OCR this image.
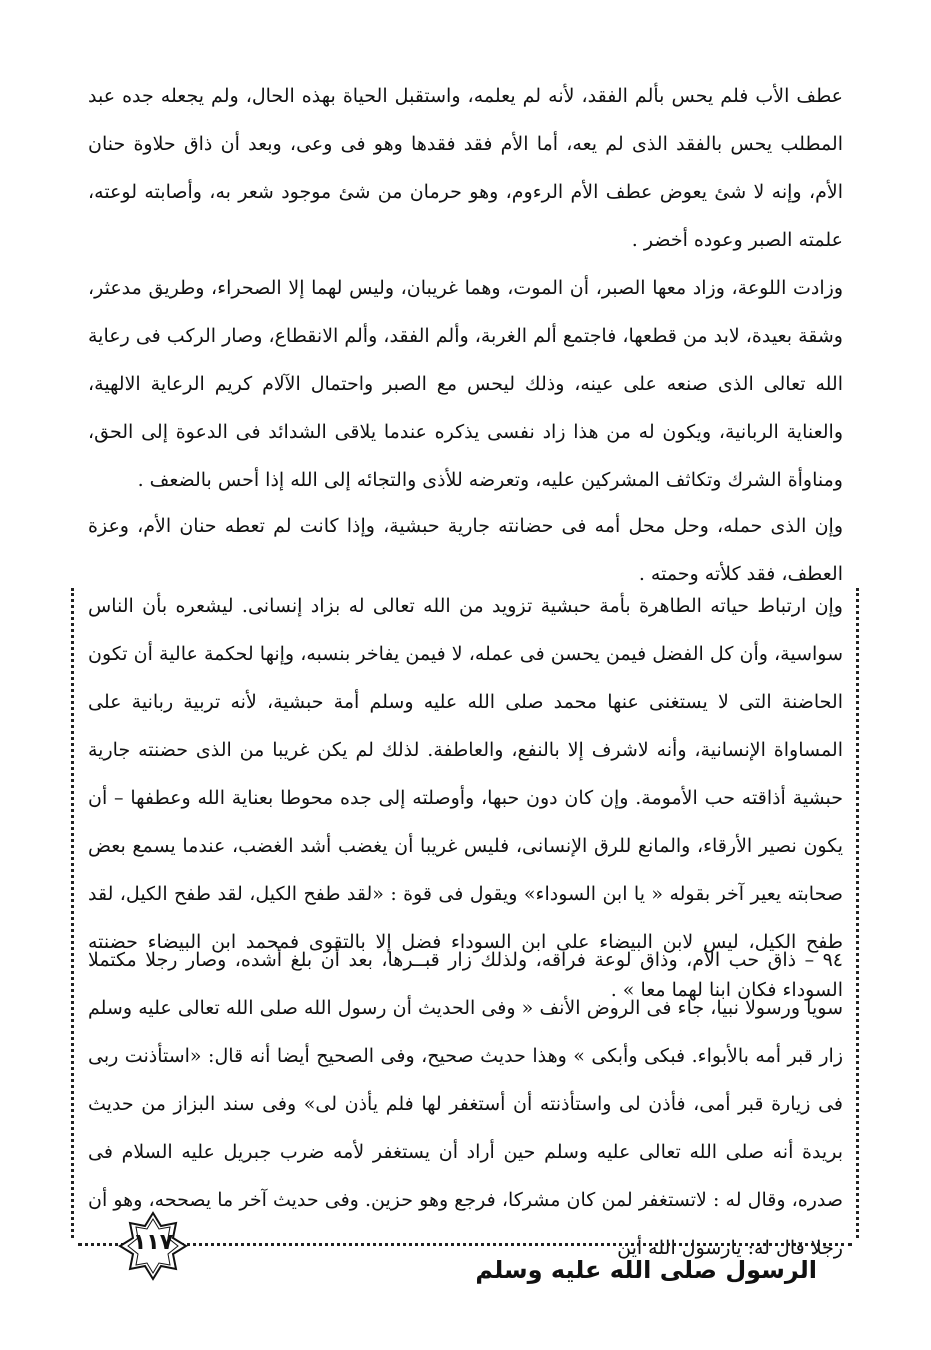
عطف الأب فلم يحس بألم الفقد، لأنه لم يعلمه، واستقبل الحياة بهذه الحال، ولم يجعله جده عبد المطلب يحس بالفقد الذى لم يعه، أما الأم فقد فقدها وهو فى وعى، وبعد أن ذاق حلاوة حنان الأم، وإنه لا شئ يعوض عطف الأم الرءوم، وهو حرمان من شئ موجود شعر به، وأصابته لوعته، علمته الصبر وعوده أخضر .

وزادت اللوعة، وزاد معها الصبر، أن الموت، وهما غريبان، وليس لهما إلا الصحراء، وطريق مدعثر، وشقة بعيدة، لابد من قطعها، فاجتمع ألم الغربة، وألم الفقد، وألم الانقطاع، وصار الركب فى رعاية الله تعالى الذى صنعه على عينه، وذلك ليحس مع الصبر واحتمال الآلام كريم الرعاية الالهية، والعناية الربانية، ويكون له من هذا زاد نفسى يذكره عندما يلاقى الشدائد فى الدعوة إلى الحق، ومناوأة الشرك وتكاثف المشركين عليه، وتعرضه للأذى والتجائه إلى الله إذا أحس بالضعف .

وإن الذى حمله، وحل محل أمه فى حضانته جارية حبشية، وإذا كانت لم تعطه حنان الأم، وعزة العطف، فقد كلأته وحمته .

وإن ارتباط حياته الطاهرة بأمة حبشية تزويد من الله تعالى له بزاد إنسانى. ليشعره بأن الناس سواسية، وأن كل الفضل فيمن يحسن فى عمله، لا فيمن يفاخر بنسبه، وإنها لحكمة عالية أن تكون الحاضنة التى لا يستغنى عنها محمد صلى الله عليه وسلم أمة حبشية، لأنه تربية ربانية على المساواة الإنسانية، وأنه لاشرف إلا بالنفع، والعاطفة. لذلك لم يكن غريبا من الذى حضنته جارية حبشية أذاقته حب الأمومة. وإن كان دون حبها، وأوصلته إلى جده محوطا بعناية الله وعطفها – أن يكون نصير الأرقاء، والمانع للرق الإنسانى، فليس غريبا أن يغضب أشد الغضب، عندما يسمع بعض صحابته يعير آخر بقوله « يا ابن السوداء» ويقول فى قوة : «لقد طفح الكيل، لقد طفح الكيل، لقد طفح الكيل، ليس لابن البيضاء على ابن السوداء فضل إلا بالتقوى فمحمد ابن البيضاء حضنته السوداء فكان ابنا لهما معا » .

٩٤ – ذاق حب الأم، وذاق لوعة فراقه، ولذلك زار قبــرها، بعد أن بلغ أشده، وصار رجلا مكتملا سويا ورسولا نبيا، جاء فى الروض الأنف « وفى الحديث أن رسول الله صلى الله تعالى عليه وسلم زار قبر أمه بالأبواء. فبكى وأبكى » وهذا حديث صحيح، وفى الصحيح أيضا أنه قال: «استأذنت ربى فى زيارة قبر أمى، فأذن لى واستأذنته أن أستغفر لها فلم يأذن لى» وفى سند البزاز من حديث بريدة أنه صلى الله تعالى عليه وسلم حين أراد أن يستغفر لأمه ضرب جبريل عليه السلام فى صدره، وقال له : لاتستغفر لمن كان مشركا، فرجع وهو حزين. وفى حديث آخر ما يصححه، وهو أن رجلا قال له: يارسول الله أين

١١٧
الرسول صلى الله عليه وسلم
